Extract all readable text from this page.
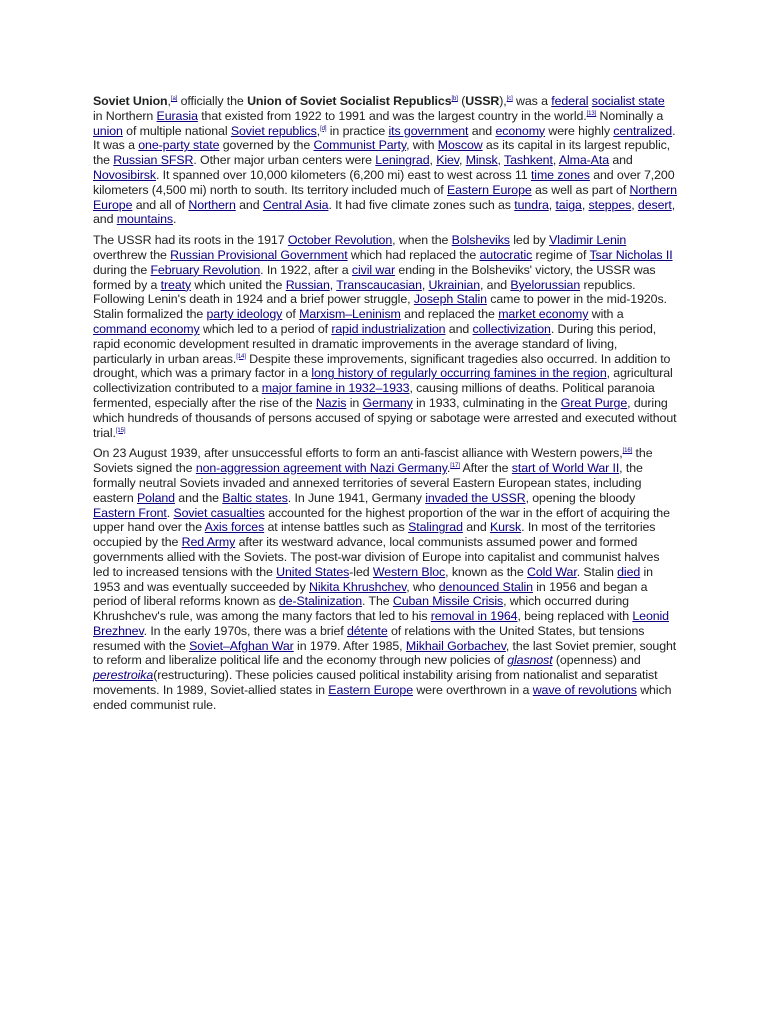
Soviet Union,[a] officially the Union of Soviet Socialist Republics[b] (USSR),[c] was a federal socialist state in Northern Eurasia that existed from 1922 to 1991 and was the largest country in the world.[13] Nominally a union of multiple national Soviet republics,[d] in practice its government and economy were highly centralized. It was a one-party state governed by the Communist Party, with Moscow as its capital in its largest republic, the Russian SFSR. Other major urban centers were Leningrad, Kiev, Minsk, Tashkent, Alma-Ata and Novosibirsk. It spanned over 10,000 kilometers (6,200 mi) east to west across 11 time zones and over 7,200 kilometers (4,500 mi) north to south. Its territory included much of Eastern Europe as well as part of Northern Europe and all of Northern and Central Asia. It had five climate zones such as tundra, taiga, steppes, desert, and mountains.

The USSR had its roots in the 1917 October Revolution, when the Bolsheviks led by Vladimir Lenin overthrew the Russian Provisional Government which had replaced the autocratic regime of Tsar Nicholas II during the February Revolution. In 1922, after a civil war ending in the Bolsheviks' victory, the USSR was formed by a treaty which united the Russian, Transcaucasian, Ukrainian, and Byelorussian republics. Following Lenin's death in 1924 and a brief power struggle, Joseph Stalin came to power in the mid-1920s. Stalin formalized the party ideology of Marxism–Leninism and replaced the market economy with a command economy which led to a period of rapid industrialization and collectivization. During this period, rapid economic development resulted in dramatic improvements in the average standard of living, particularly in urban areas.[14] Despite these improvements, significant tragedies also occurred. In addition to drought, which was a primary factor in a long history of regularly occurring famines in the region, agricultural collectivization contributed to a major famine in 1932–1933, causing millions of deaths. Political paranoia fermented, especially after the rise of the Nazis in Germany in 1933, culminating in the Great Purge, during which hundreds of thousands of persons accused of spying or sabotage were arrested and executed without trial.[15]

On 23 August 1939, after unsuccessful efforts to form an anti-fascist alliance with Western powers,[16] the Soviets signed the non-aggression agreement with Nazi Germany.[17] After the start of World War II, the formally neutral Soviets invaded and annexed territories of several Eastern European states, including eastern Poland and the Baltic states. In June 1941, Germany invaded the USSR, opening the bloody Eastern Front. Soviet casualties accounted for the highest proportion of the war in the effort of acquiring the upper hand over the Axis forces at intense battles such as Stalingrad and Kursk. In most of the territories occupied by the Red Army after its westward advance, local communists assumed power and formed governments allied with the Soviets. The post-war division of Europe into capitalist and communist halves led to increased tensions with the United States-led Western Bloc, known as the Cold War. Stalin died in 1953 and was eventually succeeded by Nikita Khrushchev, who denounced Stalin in 1956 and began a period of liberal reforms known as de-Stalinization. The Cuban Missile Crisis, which occurred during Khrushchev's rule, was among the many factors that led to his removal in 1964, being replaced with Leonid Brezhnev. In the early 1970s, there was a brief détente of relations with the United States, but tensions resumed with the Soviet–Afghan War in 1979. After 1985, Mikhail Gorbachev, the last Soviet premier, sought to reform and liberalize political life and the economy through new policies of glasnost (openness) and perestroika(restructuring). These policies caused political instability arising from nationalist and separatist movements. In 1989, Soviet-allied states in Eastern Europe were overthrown in a wave of revolutions which ended communist rule.
